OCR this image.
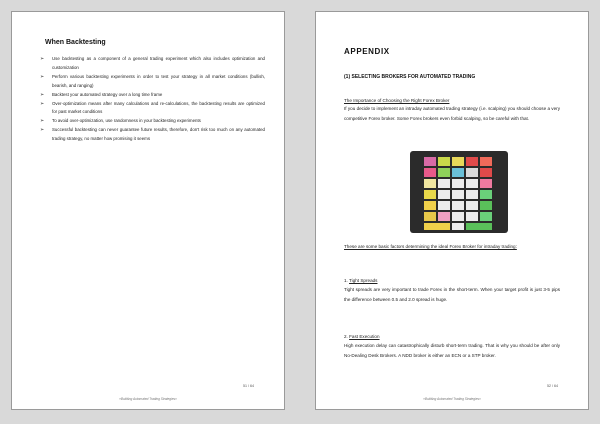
When Backtesting
➢ Use backtesting as a component of a general trading experiment which also includes optimization and customization
➢ Perform various backtesting experiments in order to test your strategy in all market conditions (bullish, bearish, and ranging)
➢ Backtest your automated strategy over a long time frame
➢ Over-optimization means after many calculations and re-calculations, the backtesting results are optimized for past market conditions
➢ To avoid over-optimization, use randomness in your backtesting experiments
➢ Successful backtesting can never guarantee future results, therefore, don't risk too much on any automated trading strategy, no matter how promising it seems
51 / 64
«Building Automated Trading Strategies»
APPENDIX
(1) SELECTING BROKERS FOR AUTOMATED TRADING
The Importance of Choosing the Right Forex Broker
If you decide to implement an intraday automated trading strategy (i.e. scalping) you should choose a very competitive Forex broker. Some Forex brokers even forbid scalping, so be careful with that.
These are some basic factors determining the ideal Forex Broker for intraday trading:
1. Tight Spreads
Tight spreads are very important to trade Forex in the short-term. When your target profit is just 3-5 pips the difference between 0.5 and 2.0 spread is huge.
2. Fast Execution
High execution delay can catastrophically disturb short-term trading. That is why you should be after only No-Dealing Desk Brokers. A NDD broker is either an ECN or a STP broker.
52 / 64
«Building Automated Trading Strategies»
